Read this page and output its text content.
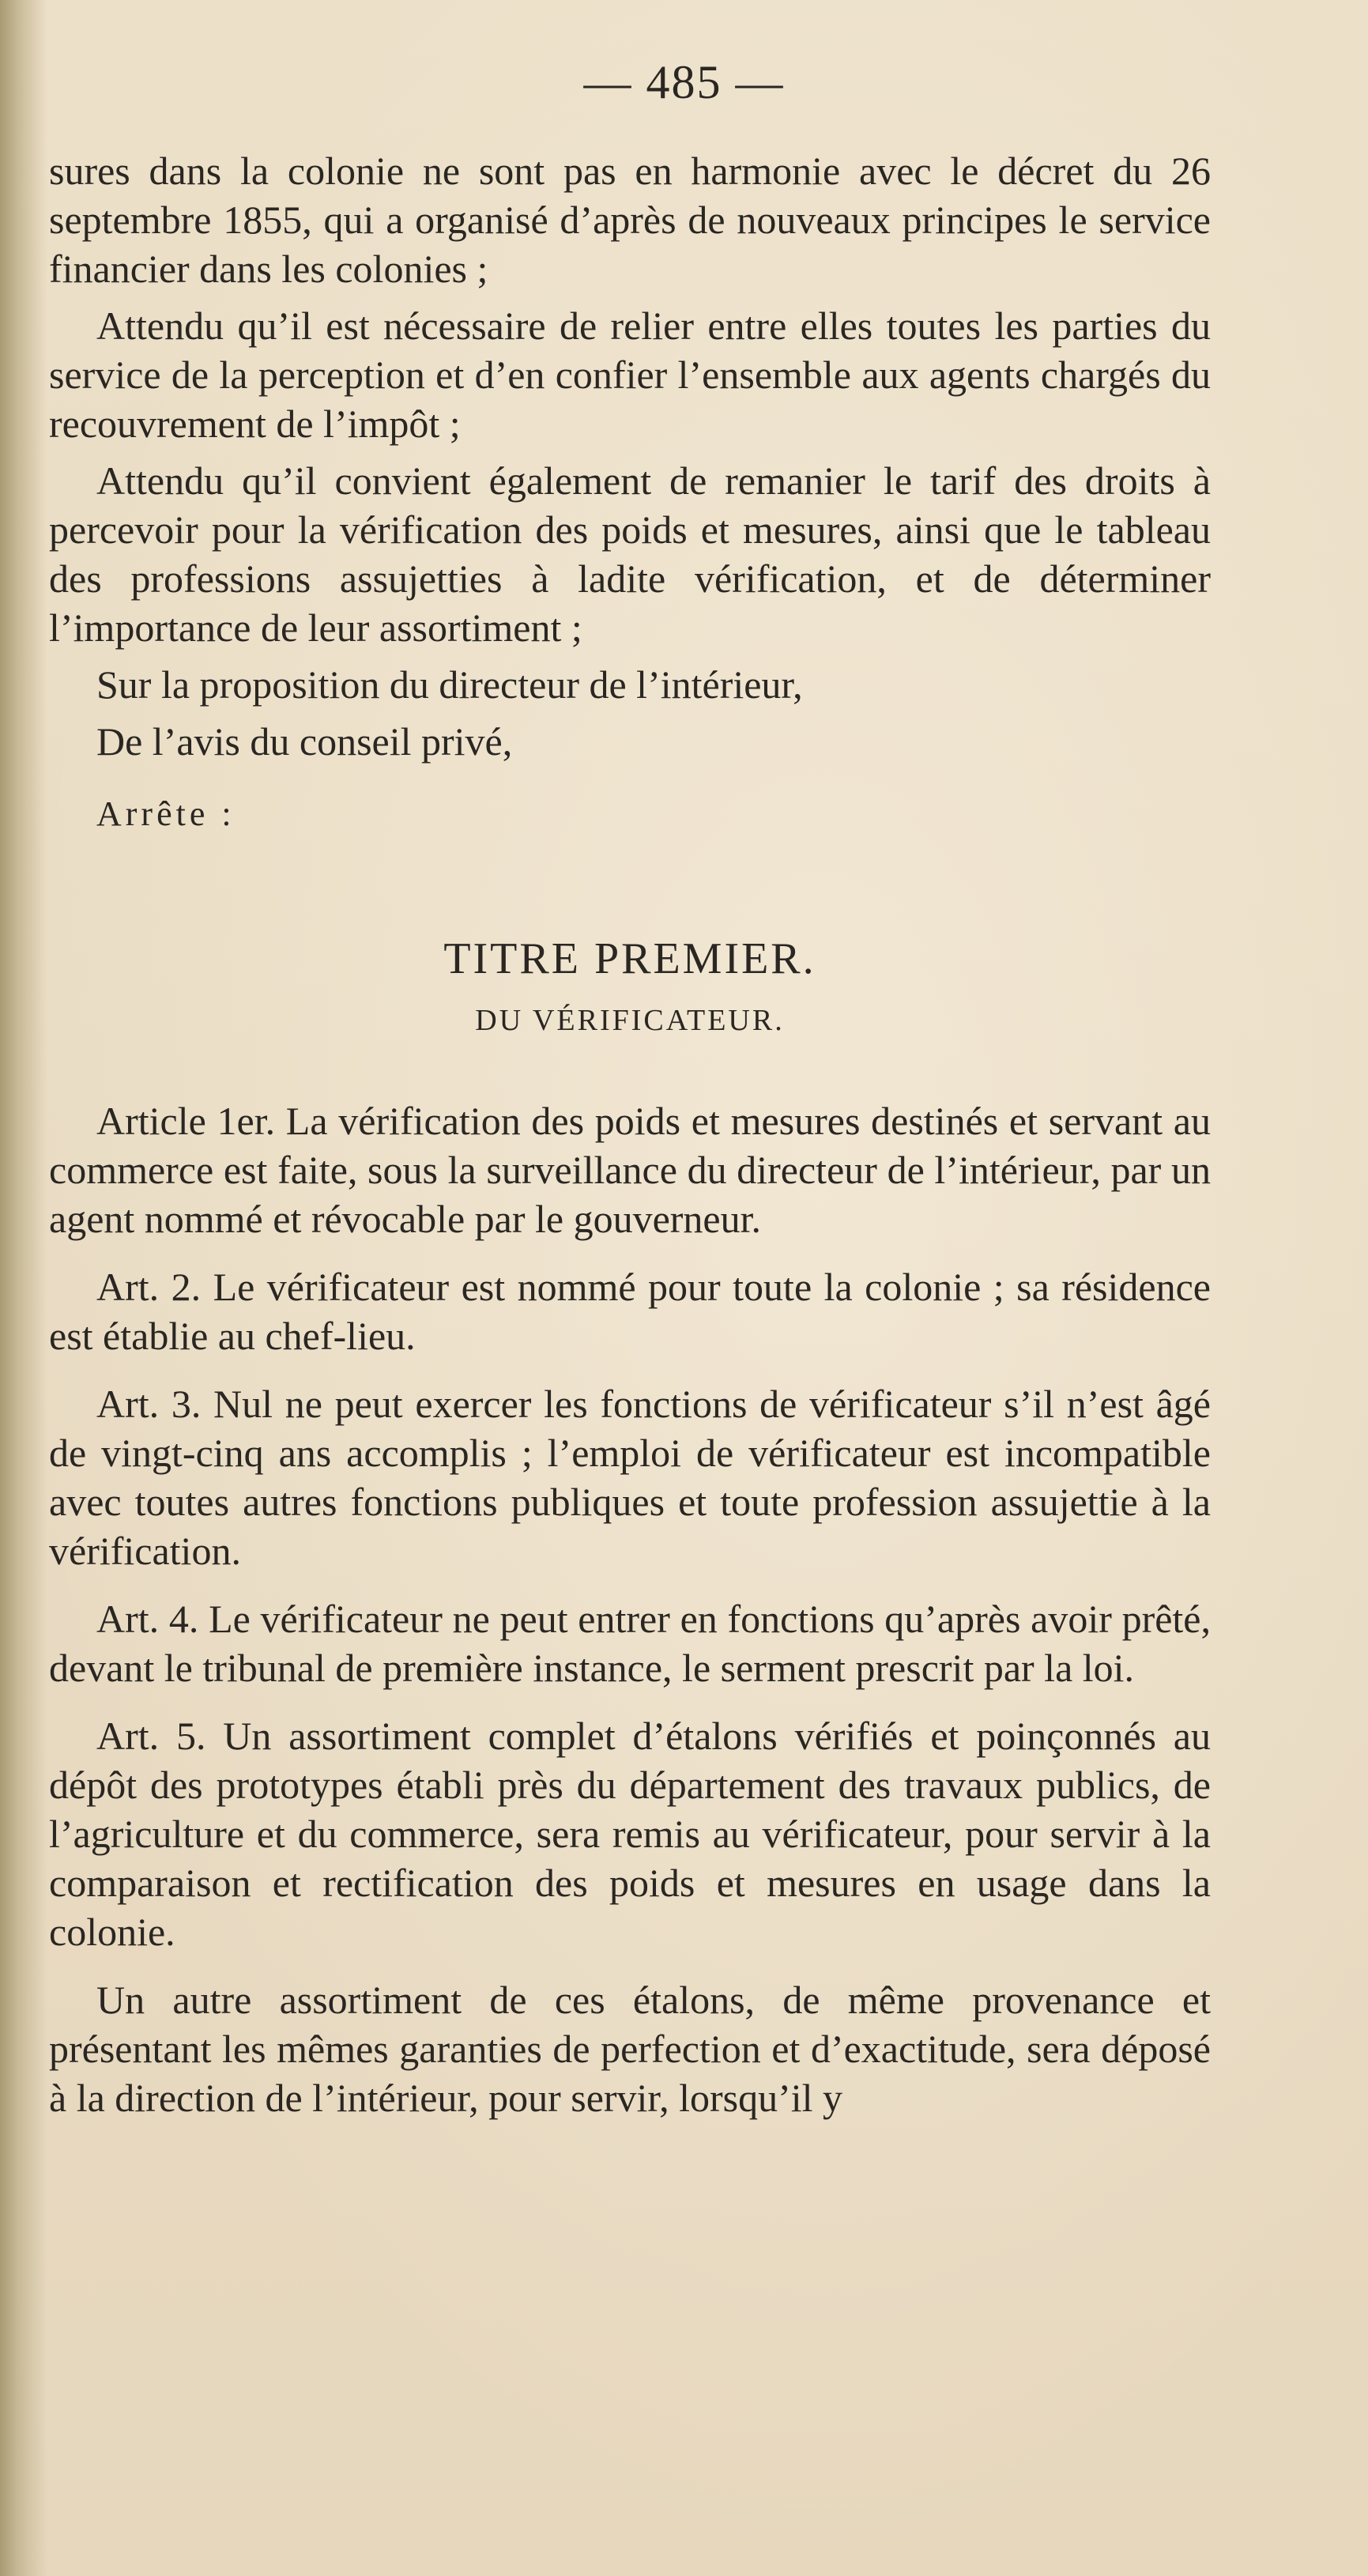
— 485 —

sures dans la colonie ne sont pas en harmonie avec le décret du 26 septembre 1855, qui a organisé d’après de nouveaux principes le service financier dans les colonies ;

Attendu qu’il est nécessaire de relier entre elles toutes les parties du service de la perception et d’en confier l’ensemble aux agents chargés du recouvrement de l’impôt ;

Attendu qu’il convient également de remanier le tarif des droits à percevoir pour la vérification des poids et mesures, ainsi que le tableau des professions assujetties à ladite vérification, et de déterminer l’importance de leur assortiment ;

Sur la proposition du directeur de l’intérieur,

De l’avis du conseil privé,

Arrête :

TITRE PREMIER.
DU VÉRIFICATEUR.

Article 1er. La vérification des poids et mesures destinés et servant au commerce est faite, sous la surveillance du directeur de l’intérieur, par un agent nommé et révocable par le gouverneur.

Art. 2. Le vérificateur est nommé pour toute la colonie ; sa résidence est établie au chef-lieu.

Art. 3. Nul ne peut exercer les fonctions de vérificateur s’il n’est âgé de vingt-cinq ans accomplis ; l’emploi de vérificateur est incompatible avec toutes autres fonctions publiques et toute profession assujettie à la vérification.

Art. 4. Le vérificateur ne peut entrer en fonctions qu’après avoir prêté, devant le tribunal de première instance, le serment prescrit par la loi.

Art. 5. Un assortiment complet d’étalons vérifiés et poinçonnés au dépôt des prototypes établi près du département des travaux publics, de l’agriculture et du commerce, sera remis au vérificateur, pour servir à la comparaison et rectification des poids et mesures en usage dans la colonie.

Un autre assortiment de ces étalons, de même provenance et présentant les mêmes garanties de perfection et d’exactitude, sera déposé à la direction de l’intérieur, pour servir, lorsqu’il y
